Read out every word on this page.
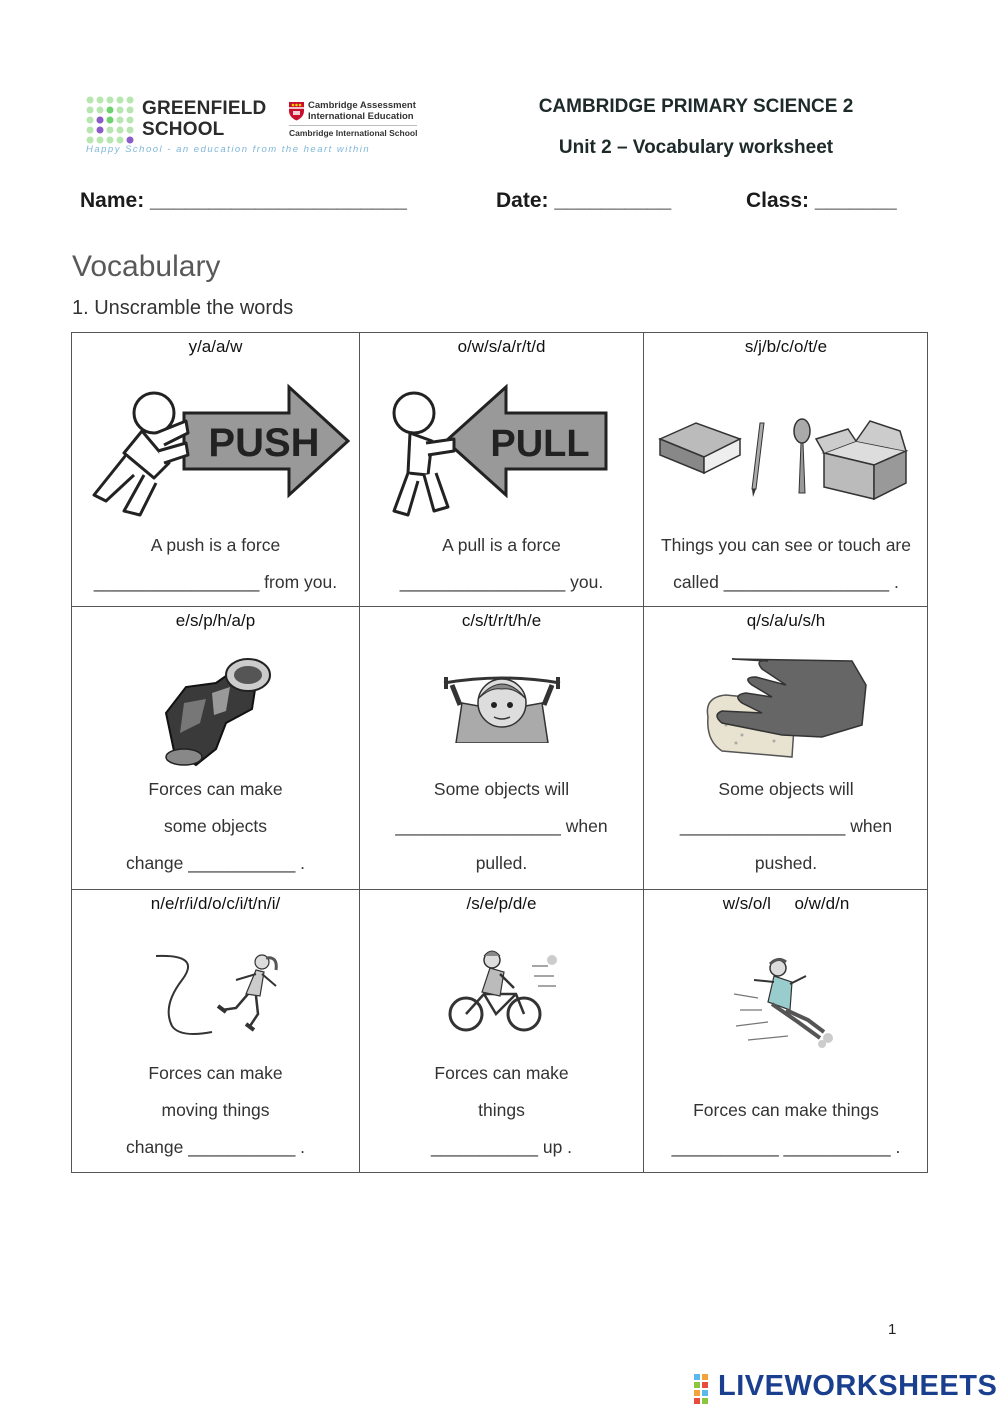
GREENFIELD
SCHOOL
Happy School - an education from the heart within
Cambridge Assessment
International Education
Cambridge International School
CAMBRIDGE PRIMARY SCIENCE 2
Unit 2 – Vocabulary worksheet
Name: ______________________	Date: __________	Class: _______
Vocabulary
1. Unscramble the words
y/a/a/w
PUSH
A push is a force
_________________ from you.
o/w/s/a/r/t/d
PULL
A pull is a force
_________________ you.
s/j/b/c/o/t/e
Things you can see or touch are
called _________________ .
e/s/p/h/a/p
Forces can make
some objects
change ___________ .
c/s/t/r/t/h/e
Some objects will
_________________ when
pulled.
q/s/a/u/s/h
Some objects will
_________________ when
pushed.
n/e/r/i/d/o/c/i/t/n/i/
Forces can make
moving things
change ___________ .
/s/e/p/d/e
Forces can make
things
___________ up .
w/s/o/l     o/w/d/n
Forces can make things
___________ ___________ .
1
LIVEWORKSHEETS
